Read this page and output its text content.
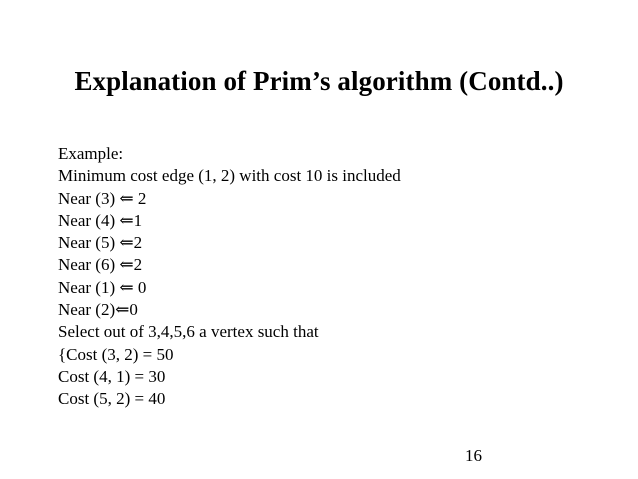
Explanation of Prim’s algorithm (Contd..)
Example:
Minimum cost edge (1, 2) with cost 10 is included
Near (3) ⇐ 2
Near (4) ⇐1
Near (5) ⇐2
Near (6) ⇐2
Near (1) ⇐ 0
Near (2)⇐0
Select out of 3,4,5,6 a vertex such that
{Cost (3, 2) = 50
Cost (4, 1) = 30
Cost (5, 2) = 40
16
